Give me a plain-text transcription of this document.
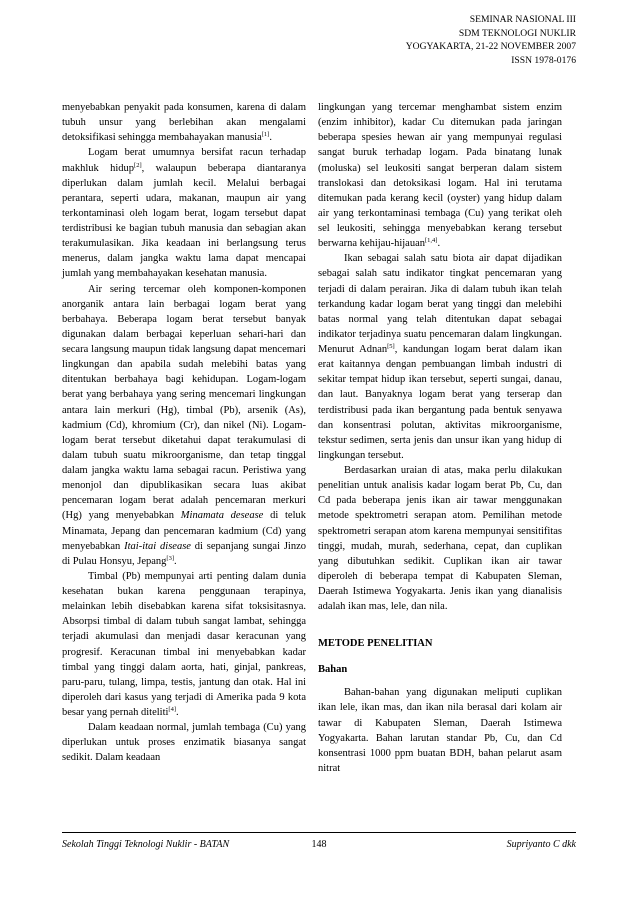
SEMINAR NASIONAL III
SDM TEKNOLOGI NUKLIR
YOGYAKARTA, 21-22 NOVEMBER 2007
ISSN 1978-0176

menyebabkan penyakit pada konsumen, karena di dalam tubuh unsur yang berlebihan akan mengalami detoksifikasi sehingga membahayakan manusia[1].

Logam berat umumnya bersifat racun terhadap makhluk hidup[2], walaupun beberapa diantaranya diperlukan dalam jumlah kecil. Melalui berbagai perantara, seperti udara, makanan, maupun air yang terkontaminasi oleh logam berat, logam tersebut dapat terdistribusi ke bagian tubuh manusia dan sebagian akan terakumulasikan. Jika keadaan ini berlangsung terus menerus, dalam jangka waktu lama dapat mencapai jumlah yang membahayakan kesehatan manusia.

Air sering tercemar oleh komponen-komponen anorganik antara lain berbagai logam berat yang berbahaya. Beberapa logam berat tersebut banyak digunakan dalam berbagai keperluan sehari-hari dan secara langsung maupun tidak langsung dapat mencemari lingkungan dan apabila sudah melebihi batas yang ditentukan berbahaya bagi kehidupan. Logam-logam berat yang berbahaya yang sering mencemari lingkungan antara lain merkuri (Hg), timbal (Pb), arsenik (As), kadmium (Cd), khromium (Cr), dan nikel (Ni). Logam-logam berat tersebut diketahui dapat terakumulasi di dalam tubuh suatu mikroorganisme, dan tetap tinggal dalam jangka waktu lama sebagai racun. Peristiwa yang menonjol dan dipublikasikan secara luas akibat pencemaran logam berat adalah pencemaran merkuri (Hg) yang menyebabkan Minamata desease di teluk Minamata, Jepang dan pencemaran kadmium (Cd) yang menyebabkan Itai-itai disease di sepanjang sungai Jinzo di Pulau Honsyu, Jepang[3].

Timbal (Pb) mempunyai arti penting dalam dunia kesehatan bukan karena penggunaan terapinya, melainkan lebih disebabkan karena sifat toksisitasnya. Absorpsi timbal di dalam tubuh sangat lambat, sehingga terjadi akumulasi dan menjadi dasar keracunan yang progresif. Keracunan timbal ini menyebabkan kadar timbal yang tinggi dalam aorta, hati, ginjal, pankreas, paru-paru, tulang, limpa, testis, jantung dan otak. Hal ini diperoleh dari kasus yang terjadi di Amerika pada 9 kota besar yang pernah diteliti[4].

Dalam keadaan normal, jumlah tembaga (Cu) yang diperlukan untuk proses enzimatik biasanya sangat sedikit. Dalam keadaan

lingkungan yang tercemar menghambat sistem enzim (enzim inhibitor), kadar Cu ditemukan pada jaringan beberapa spesies hewan air yang mempunyai regulasi sangat buruk terhadap logam. Pada binatang lunak (moluska) sel leukositi sangat berperan dalam sistem translokasi dan detoksikasi logam. Hal ini terutama ditemukan pada kerang kecil (oyster) yang hidup dalam air yang terkontaminasi tembaga (Cu) yang terikat oleh sel leukositi, sehingga menyebabkan kerang tersebut berwarna kehijau-hijauan[1,4].

Ikan sebagai salah satu biota air dapat dijadikan sebagai salah satu indikator tingkat pencemaran yang terjadi di dalam perairan. Jika di dalam tubuh ikan telah terkandung kadar logam berat yang tinggi dan melebihi batas normal yang telah ditentukan dapat sebagai indikator terjadinya suatu pencemaran dalam lingkungan. Menurut Adnan[5], kandungan logam berat dalam ikan erat kaitannya dengan pembuangan limbah industri di sekitar tempat hidup ikan tersebut, seperti sungai, danau, dan laut. Banyaknya logam berat yang terserap dan terdistribusi pada ikan bergantung pada bentuk senyawa dan konsentrasi polutan, aktivitas mikroorganisme, tekstur sedimen, serta jenis dan unsur ikan yang hidup di lingkungan tersebut.

Berdasarkan uraian di atas, maka perlu dilakukan penelitian untuk analisis kadar logam berat Pb, Cu, dan Cd pada beberapa jenis ikan air tawar menggunakan metode spektrometri serapan atom. Pemilihan metode spektrometri serapan atom karena mempunyai sensitifitas tinggi, mudah, murah, sederhana, cepat, dan cuplikan yang dibutuhkan sedikit. Cuplikan ikan air tawar diperoleh di beberapa tempat di Kabupaten Sleman, Daerah Istimewa Yogyakarta. Jenis ikan yang dianalisis adalah ikan mas, lele, dan nila.

METODE PENELITIAN
Bahan

Bahan-bahan yang digunakan meliputi cuplikan ikan lele, ikan mas, dan ikan nila berasal dari kolam air tawar di Kabupaten Sleman, Daerah Istimewa Yogyakarta. Bahan larutan standar Pb, Cu, dan Cd konsentrasi 1000 ppm buatan BDH, bahan pelarut asam nitrat

Sekolah Tinggi Teknologi Nuklir - BATAN	148	Supriyanto C dkk
